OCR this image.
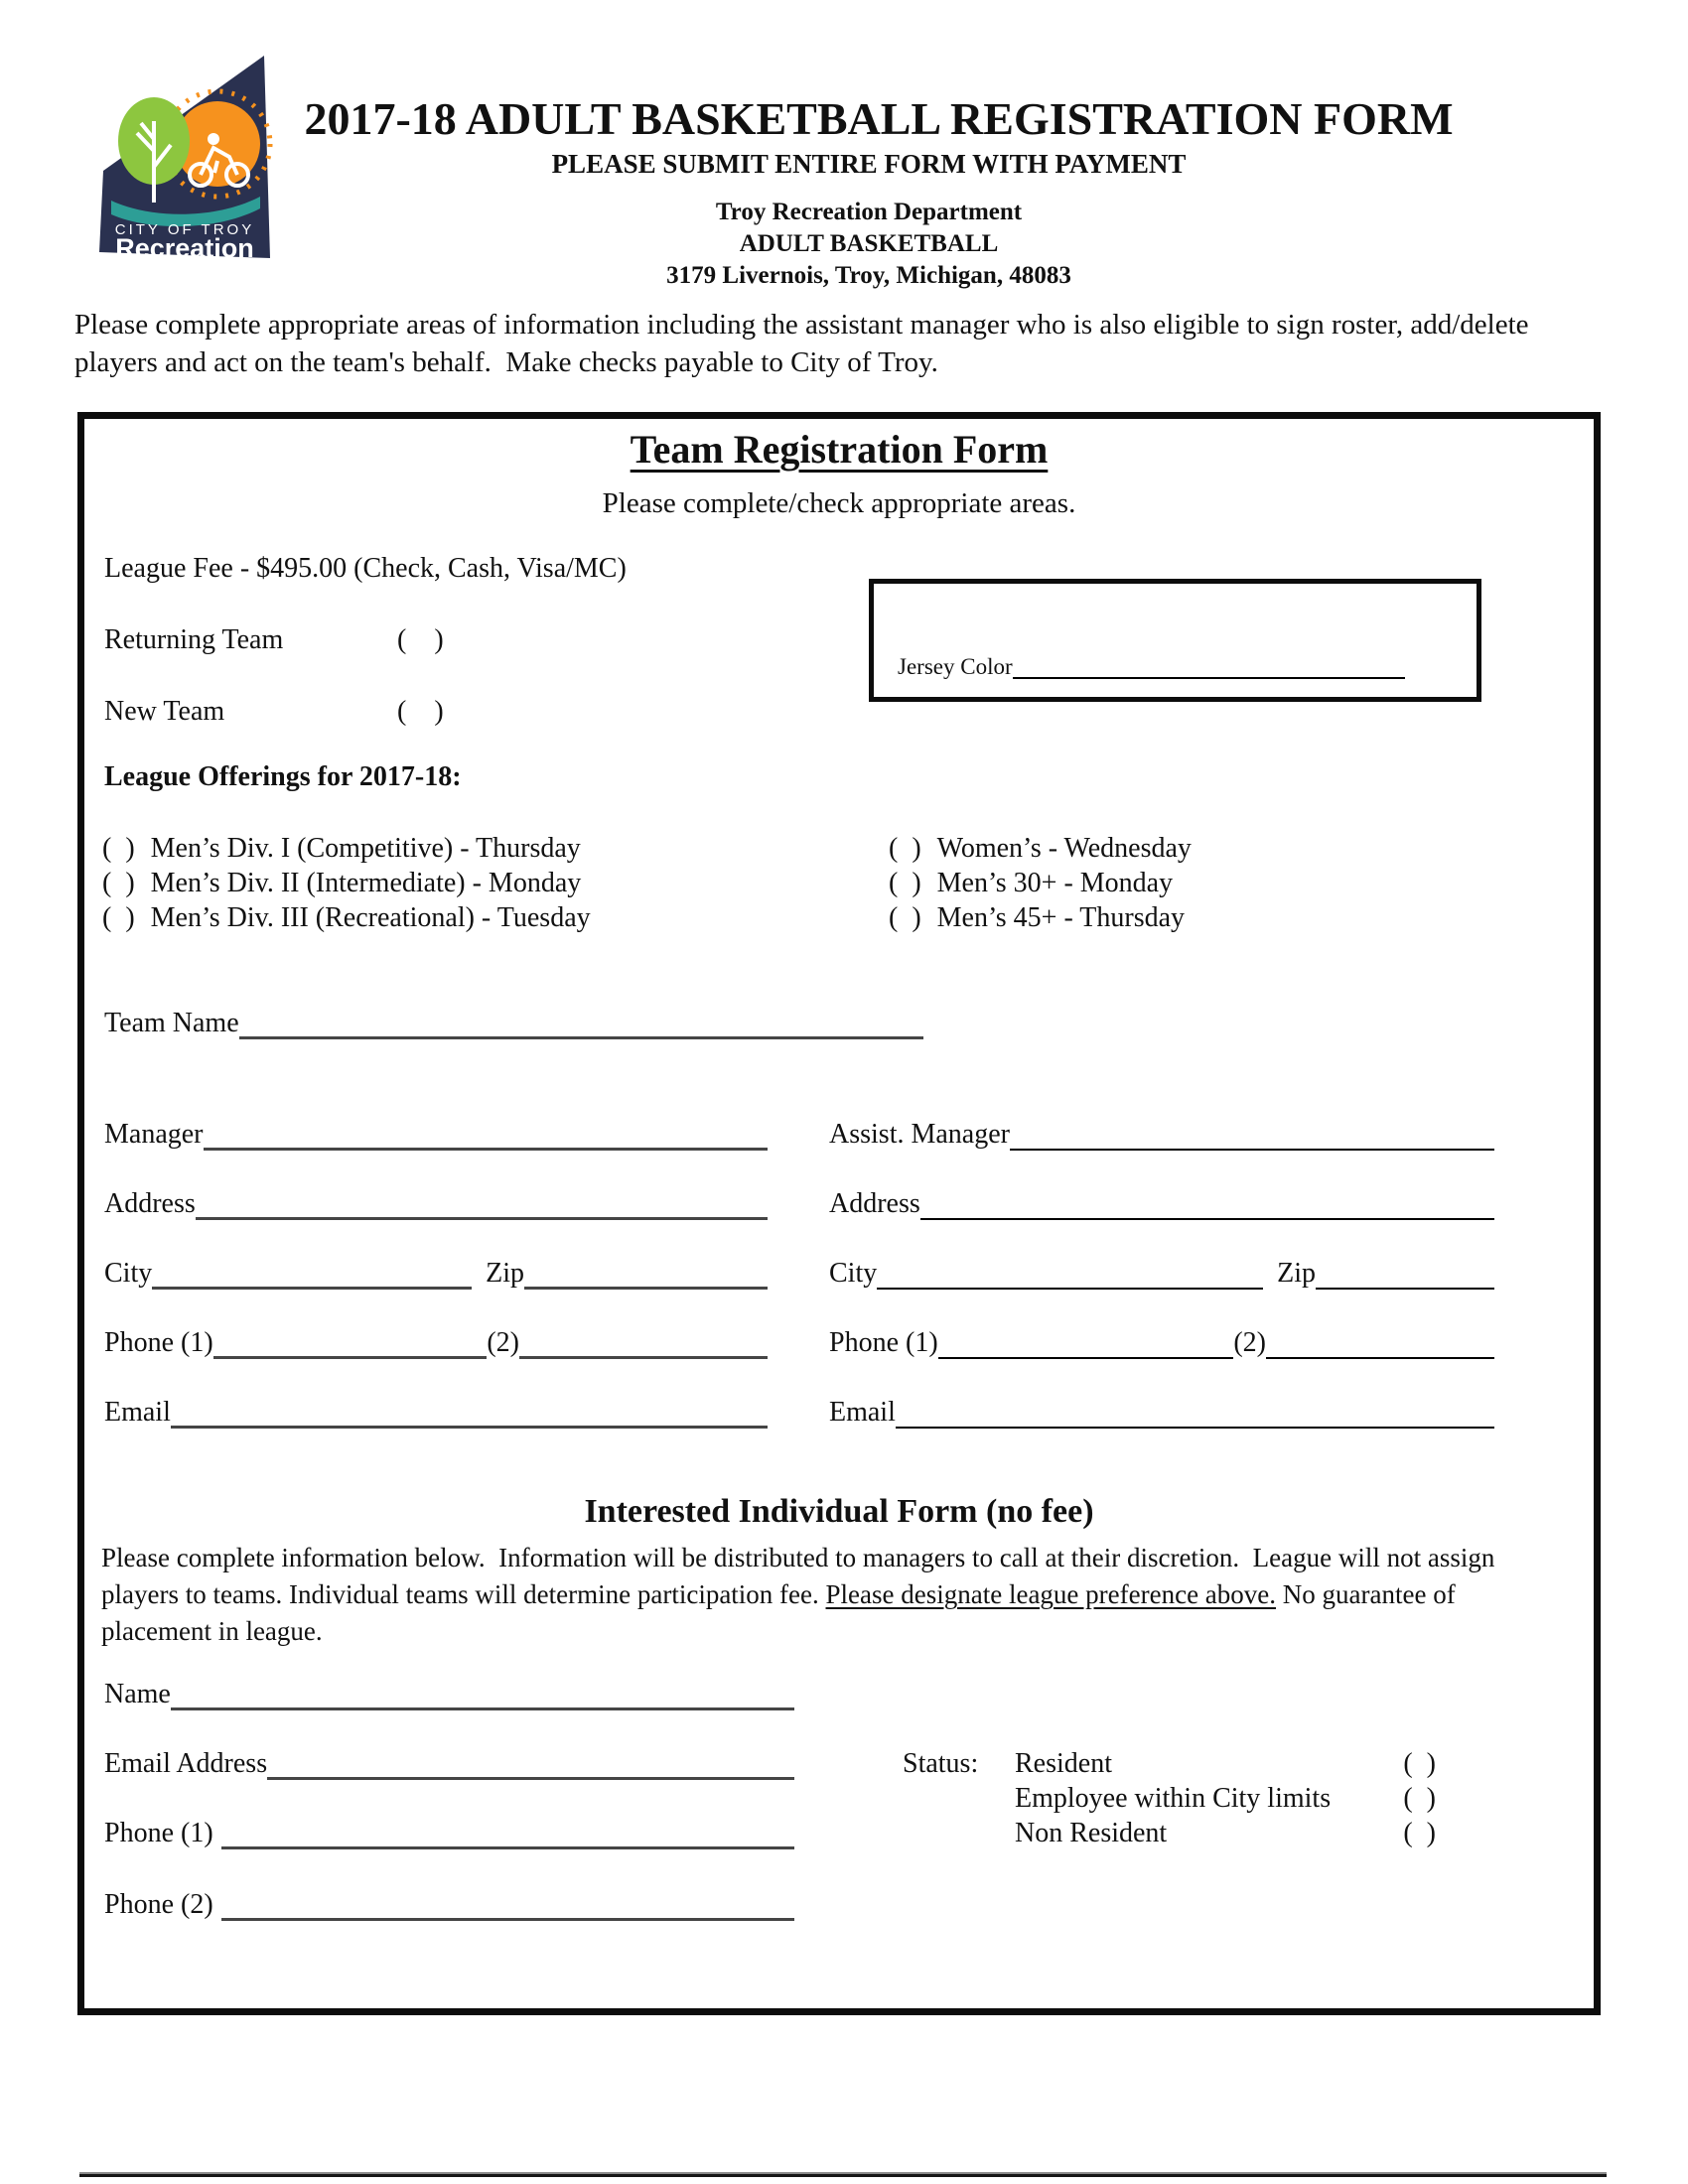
CITY OF TROY
Recreation
2017-18 ADULT BASKETBALL REGISTRATION FORM
PLEASE SUBMIT ENTIRE FORM WITH PAYMENT
Troy Recreation Department
ADULT BASKETBALL
3179 Livernois, Troy, Michigan, 48083
Please complete appropriate areas of information including the assistant manager who is also eligible to sign roster, add/delete players and act on the team's behalf.  Make checks payable to City of Troy.
Team Registration Form
Please complete/check appropriate areas.
League Fee - $495.00 (Check, Cash, Visa/MC)
Returning Team	(    )
New Team	(    )
Jersey Color
League Offerings for 2017-18:
(  ) Men’s Div. I (Competitive) - Thursday
(  ) Men’s Div. II (Intermediate) - Monday
(  ) Men’s Div. III (Recreational) - Tuesday
(  ) Women’s - Wednesday
(  ) Men’s 30+ - Monday
(  ) Men’s 45+ - Thursday
Team Name
Manager
Address
City	Zip
Phone (1)	(2)
Email
Assist. Manager
Address
City	Zip
Phone (1)	(2)
Email
Interested Individual Form (no fee)
Please complete information below.  Information will be distributed to managers to call at their discretion.  League will not assign players to teams. Individual teams will determine participation fee. Please designate league preference above. No guarantee of placement in league.
Name
Email Address
Phone (1)
Phone (2)
Status: Resident	(  )
Employee within City limits	(  )
Non Resident	(  )
